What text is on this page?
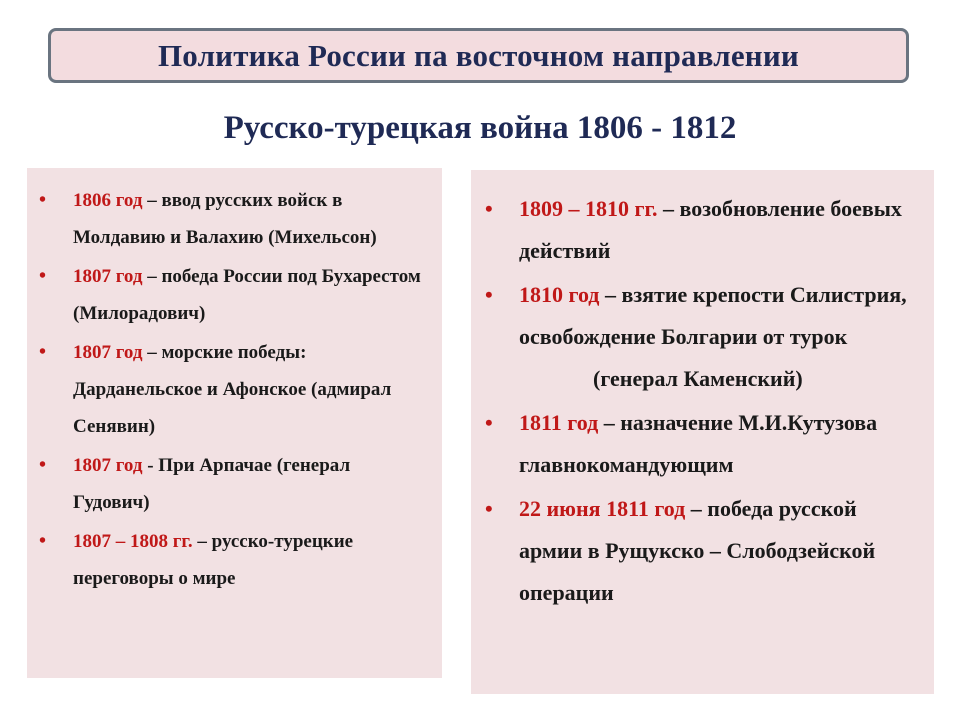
Политика России па восточном направлении
Русско-турецкая война 1806 - 1812
• 1806 год – ввод русских войск в Молдавию и Валахию (Михельсон)
• 1807 год – победа России под Бухарестом (Милорадович)
• 1807 год – морские победы: Дарданельское и Афонское (адмирал Сенявин)
• 1807 год - При Арпачае (генерал Гудович)
• 1807 – 1808 гг. – русско-турецкие переговоры о мире
• 1809 – 1810 гг. – возобновление боевых действий
• 1810 год – взятие крепости Силистрия, освобождение Болгарии от турок
(генерал Каменский)
• 1811 год – назначение М.И.Кутузова главнокомандующим
• 22 июня 1811 год – победа русской армии в Рущукско – Слободзейской операции
